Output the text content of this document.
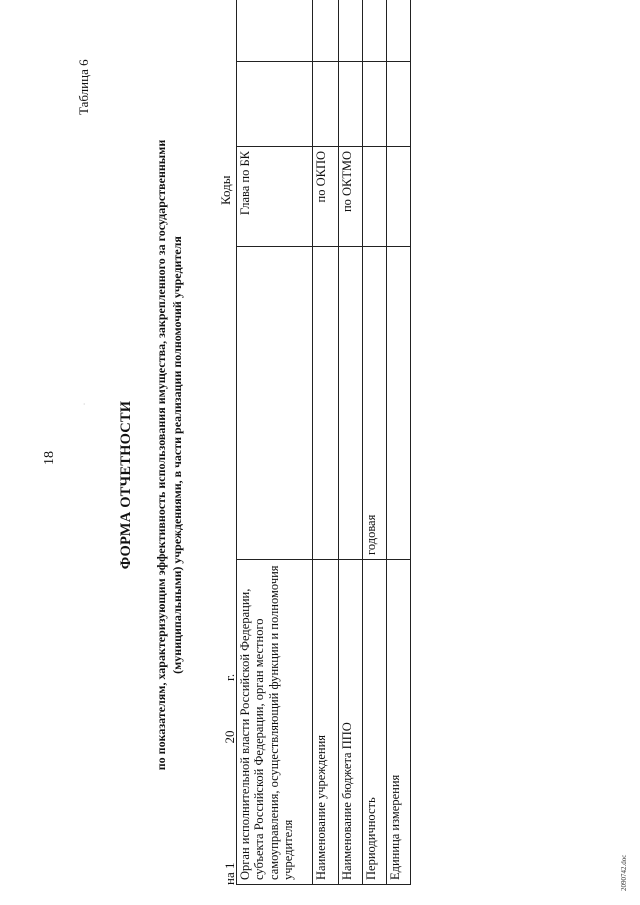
18
Таблица 6
· ФОРМА ОТЧЕТНОСТИ по показателям, характеризующим эффективность использования имущества, закрепленного за государственными (муниципальными) учреждениями, в части реализации полномочий учредителя
на 1
20
г.
Коды
Орган исполнительной власти Российской Федерации, субъекта Российской Федерации, орган местного самоуправления, осуществляющий функции и полномочия учредителя		Глава по БК		
Наименование учреждения		по ОКПО		
Наименование бюджета ППО		по ОКТМО		
Периодичность	годовая			
Единица измерения					2090742.doc
